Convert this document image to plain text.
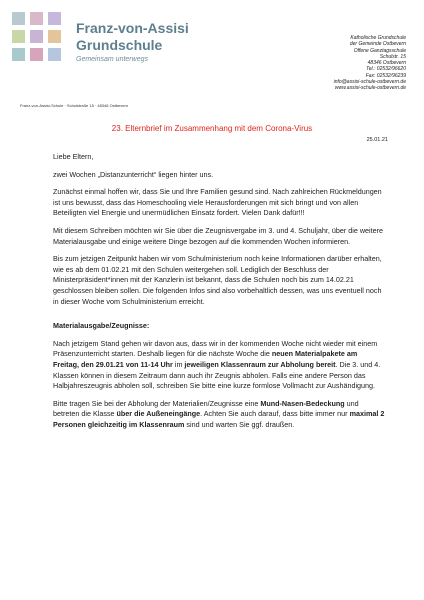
Franz-von-Assisi
Grundschule
Gemeinsam unterwegs
Katholische Grundschule
der Gemeinde Ostbevern
Offene Ganztagsschule
Schulstr. 15
48346 Ostbevern
Tel.: 02532/96620
Fax: 02532/96239
info@assisi-schule-ostbevern.de
www.assisi-schule-ostbevern.de
Franz-von-Assisi-Schule · Schulstraße 15 · 48346 Ostbevern
23. Elternbrief im Zusammenhang mit dem Corona-Virus
25.01.21

Liebe Eltern,

zwei Wochen „Distanzunterricht“ liegen hinter uns.

Zunächst einmal hoffen wir, dass Sie und Ihre Familien gesund sind. Nach zahlreichen Rückmeldungen ist uns bewusst, dass das Homeschooling viele Herausforderungen mit sich bringt und von allen Beteiligten viel Energie und unermüdlichen Einsatz fordert. Vielen Dank dafür!!!

Mit diesem Schreiben möchten wir Sie über die Zeugnisvergabe im 3. und 4. Schuljahr, über die weitere Materialausgabe und einige weitere Dinge bezogen auf die kommenden Wochen informieren.

Bis zum jetzigen Zeitpunkt haben wir vom Schulministerium noch keine Informationen darüber erhalten, wie es ab dem 01.02.21 mit den Schulen weitergehen soll. Lediglich der Beschluss der Ministerpräsident*innen mit der Kanzlerin ist bekannt, dass die Schulen noch bis zum 14.02.21 geschlossen bleiben sollen. Die folgenden Infos sind also vorbehaltlich dessen, was uns eventuell noch in dieser Woche vom Schulministerium erreicht.

Materialausgabe/Zeugnisse:

Nach jetzigem Stand gehen wir davon aus, dass wir in der kommenden Woche nicht wieder mit einem Präsenzunterricht starten. Deshalb liegen für die nächste Woche die neuen Materialpakete am Freitag, den 29.01.21 von 11-14 Uhr im jeweiligen Klassenraum zur Abholung bereit. Die 3. und 4. Klassen können in diesem Zeitraum dann auch ihr Zeugnis abholen. Falls eine andere Person das Halbjahreszeugnis abholen soll, schreiben Sie bitte eine kurze formlose Vollmacht zur Aushändigung.

Bitte tragen Sie bei der Abholung der Materialien/Zeugnisse eine Mund-Nasen-Bedeckung und betreten die Klasse über die Außeneingänge. Achten Sie auch darauf, dass bitte immer nur maximal 2 Personen gleichzeitig im Klassenraum sind und warten Sie ggf. draußen.
